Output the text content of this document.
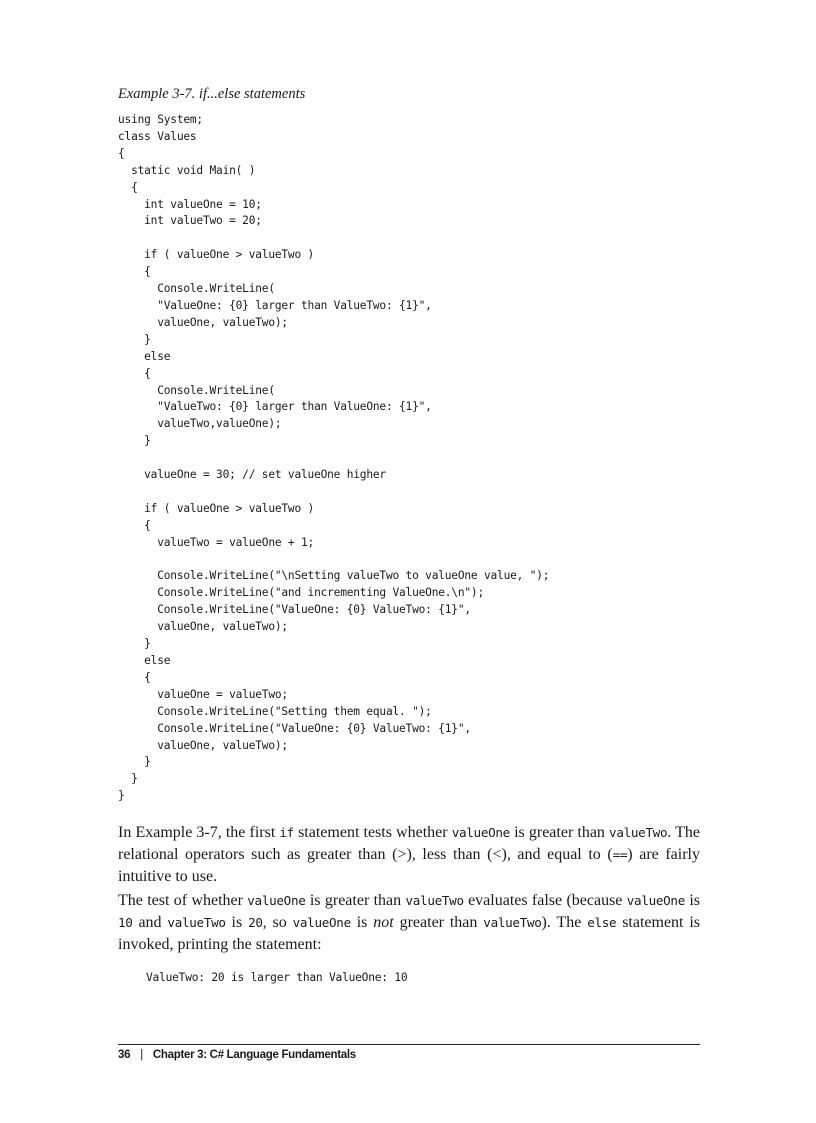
Example 3-7. if...else statements

using System;
class Values
{
static void Main( )
{
int valueOne = 10;
int valueTwo = 20;

if ( valueOne > valueTwo )
{
Console.WriteLine(
"ValueOne: {0} larger than ValueTwo: {1}",
valueOne, valueTwo);
}
else
{
Console.WriteLine(
"ValueTwo: {0} larger than ValueOne: {1}",
valueTwo,valueOne);
}

valueOne = 30; // set valueOne higher

if ( valueOne > valueTwo )
{
valueTwo = valueOne + 1;

Console.WriteLine("\nSetting valueTwo to valueOne value, ");
Console.WriteLine("and incrementing ValueOne.\n");
Console.WriteLine("ValueOne: {0} ValueTwo: {1}",
valueOne, valueTwo);
}
else
{
valueOne = valueTwo;
Console.WriteLine("Setting them equal. ");
Console.WriteLine("ValueOne: {0} ValueTwo: {1}",
valueOne, valueTwo);
}
}
}

In Example 3-7, the first if statement tests whether valueOne is greater than valueTwo. The relational operators such as greater than (>), less than (<), and equal to (==) are fairly intuitive to use.

The test of whether valueOne is greater than valueTwo evaluates false (because valueOne is 10 and valueTwo is 20, so valueOne is not greater than valueTwo). The else statement is invoked, printing the statement:

ValueTwo: 20 is larger than ValueOne: 10
36 | Chapter 3: C# Language Fundamentals
